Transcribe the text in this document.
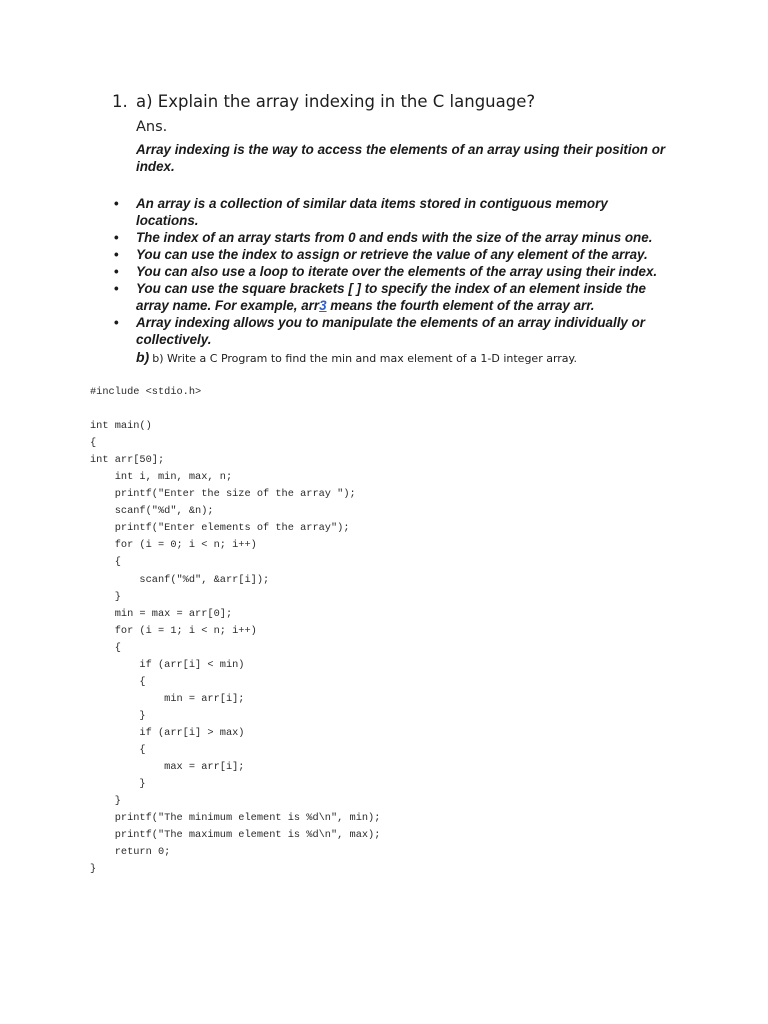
1. a) Explain the array indexing in the C language?
Ans.
Array indexing is the way to access the elements of an array using their position or index.
• An array is a collection of similar data items stored in contiguous memory locations.
• The index of an array starts from 0 and ends with the size of the array minus one.
• You can use the index to assign or retrieve the value of any element of the array.
• You can also use a loop to iterate over the elements of the array using their index.
• You can use the square brackets [ ] to specify the index of an element inside the array name. For example, arr3 means the fourth element of the array arr.
• Array indexing allows you to manipulate the elements of an array individually or collectively.
b) b) Write a C Program to find the min and max element of a 1-D integer array.
#include <stdio.h>

int main()
{
int arr[50];
int i, min, max, n;
printf("Enter the size of the array ");
scanf("%d", &n);
printf("Enter elements of the array");
for (i = 0; i < n; i++)
{
scanf("%d", &arr[i]);
}
min = max = arr[0];
for (i = 1; i < n; i++)
{
if (arr[i] < min)
{
min = arr[i];
}
if (arr[i] > max)
{
max = arr[i];
}
}
printf("The minimum element is %d\n", min);
printf("The maximum element is %d\n", max);
return 0;
}
